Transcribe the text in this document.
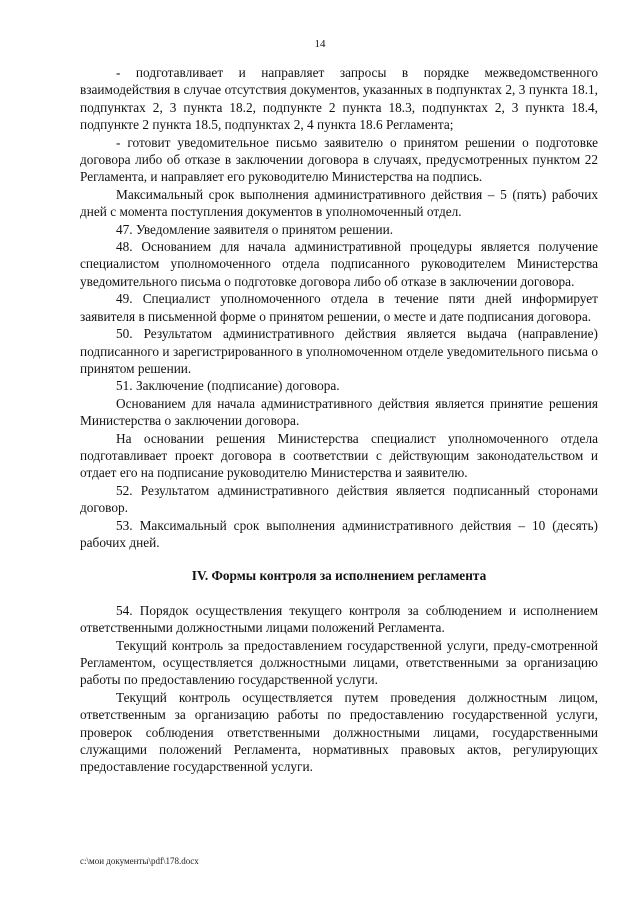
14

- подготавливает и направляет запросы в порядке межведомственного взаимодействия в случае отсутствия документов, указанных в подпунктах 2, 3 пункта 18.1, подпунктах 2, 3 пункта 18.2, подпункте 2 пункта 18.3, подпунктах 2, 3 пункта 18.4, подпункте 2 пункта 18.5, подпунктах 2, 4 пункта 18.6 Регламента;

- готовит уведомительное письмо заявителю о принятом решении о подготовке договора либо об отказе в заключении договора в случаях, предусмотренных пунктом 22 Регламента, и направляет его руководителю Министерства на подпись.

Максимальный срок выполнения административного действия – 5 (пять) рабочих дней с момента поступления документов в уполномоченный отдел.

47. Уведомление заявителя о принятом решении.

48. Основанием для начала административной процедуры является получение специалистом уполномоченного отдела подписанного руководителем Министерства уведомительного письма о подготовке договора либо об отказе в заключении договора.

49. Специалист уполномоченного отдела в течение пяти дней информирует заявителя в письменной форме о принятом решении, о месте и дате подписания договора.

50. Результатом административного действия является выдача (направление) подписанного и зарегистрированного в уполномоченном отделе уведомительного письма о принятом решении.

51. Заключение (подписание) договора.

Основанием для начала административного действия является принятие решения Министерства о заключении договора.

На основании решения Министерства специалист уполномоченного отдела подготавливает проект договора в соответствии с действующим законодательством и отдает его на подписание руководителю Министерства и заявителю.

52. Результатом административного действия является подписанный сторонами договор.

53. Максимальный срок выполнения административного действия – 10 (десять) рабочих дней.

IV. Формы контроля за исполнением регламента

54. Порядок осуществления текущего контроля за соблюдением и исполнением ответственными должностными лицами положений Регламента.

Текущий контроль за предоставлением государственной услуги, преду-смотренной Регламентом, осуществляется должностными лицами, ответственными за организацию работы по предоставлению государственной услуги.

Текущий контроль осуществляется путем проведения должностным лицом, ответственным за организацию работы по предоставлению государственной услуги, проверок соблюдения ответственными должностными лицами, государственными служащими положений Регламента, нормативных правовых актов, регулирующих предоставление государственной услуги.

c:\мои документы\pdf\178.docx
